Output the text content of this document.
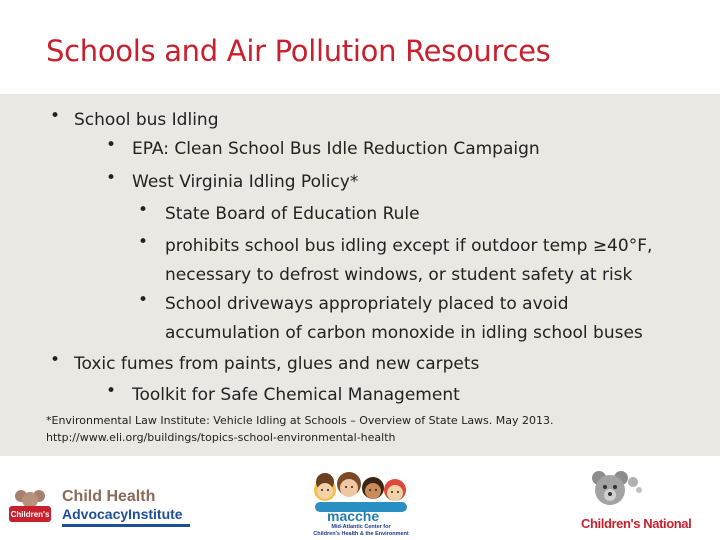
Schools and Air Pollution Resources
• School bus Idling
• EPA: Clean School Bus Idle Reduction Campaign
• West Virginia Idling Policy*
• State Board of Education Rule
• prohibits school bus idling except if outdoor temp ≥40°F,
necessary to defrost windows, or student safety at risk
• School driveways appropriately placed to avoid
accumulation of carbon monoxide in idling school buses
• Toxic fumes from paints, glues and new carpets
• Toolkit for Safe Chemical Management
*Environmental Law Institute: Vehicle Idling at Schools – Overview of State Laws. May 2013.
http://www.eli.org/buildings/topics-school-environmental-health
Children's
Child Health
AdvocacyInstitute	macche
Mid-Atlantic Center for
Children's Health & the Environment
Children's National
